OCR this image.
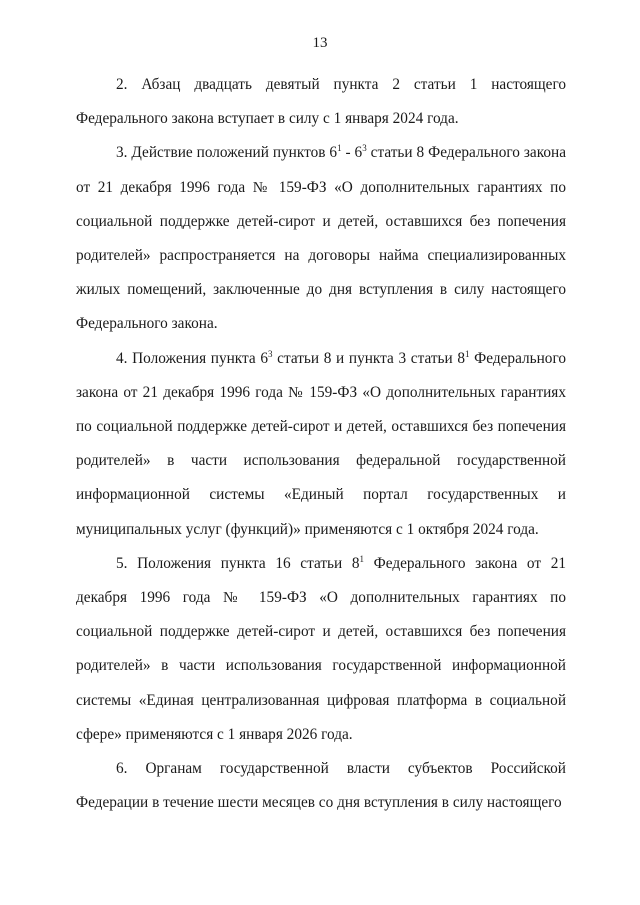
13

2. Абзац двадцать девятый пункта 2 статьи 1 настоящего Федерального закона вступает в силу с 1 января 2024 года.

3. Действие положений пунктов $6^1 - 6^3$ статьи 8 Федерального закона от 21 декабря 1996 года № 159-ФЗ «О дополнительных гарантиях по социальной поддержке детей-сирот и детей, оставшихся без попечения родителей» распространяется на договоры найма специализированных жилых помещений, заключенные до дня вступления в силу настоящего Федерального закона.

4. Положения пункта $6^3$ статьи 8 и пункта 3 статьи $8^1$ Федерального закона от 21 декабря 1996 года № 159-ФЗ «О дополнительных гарантиях по социальной поддержке детей-сирот и детей, оставшихся без попечения родителей» в части использования федеральной государственной информационной системы «Единый портал государственных и муниципальных услуг (функций)» применяются с 1 октября 2024 года.

5. Положения пункта 16 статьи $8^1$ Федерального закона от 21 декабря 1996 года № 159-ФЗ «О дополнительных гарантиях по социальной поддержке детей-сирот и детей, оставшихся без попечения родителей» в части использования государственной информационной системы «Единая централизованная цифровая платформа в социальной сфере» применяются с 1 января 2026 года.

6. Органам государственной власти субъектов Российской Федерации в течение шести месяцев со дня вступления в силу настоящего
